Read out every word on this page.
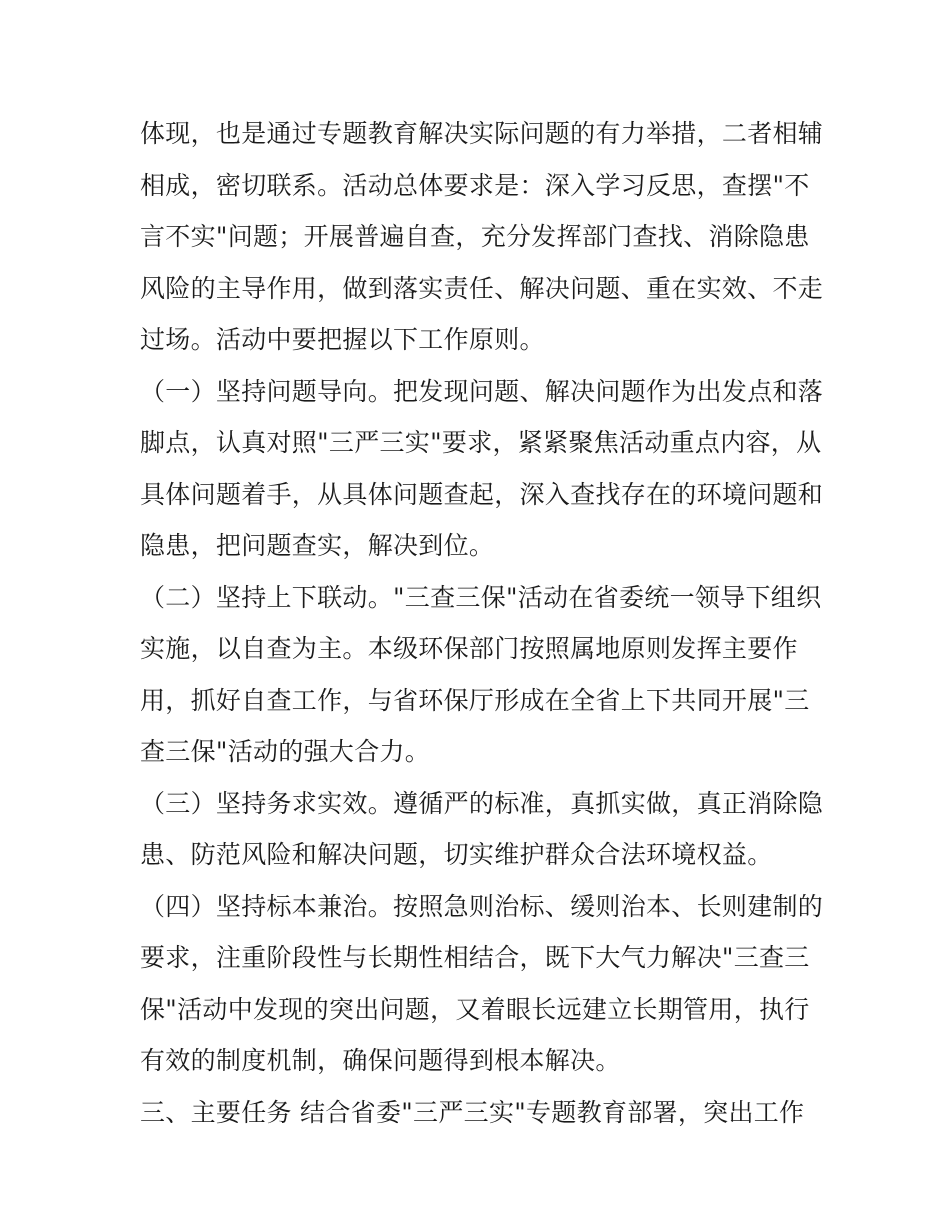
体现，也是通过专题教育解决实际问题的有力举措，二者相辅
相成，密切联系。活动总体要求是：深入学习反思，查摆"不
言不实"问题；开展普遍自查，充分发挥部门查找、消除隐患
风险的主导作用，做到落实责任、解决问题、重在实效、不走
过场。活动中要把握以下工作原则。
（一）坚持问题导向。把发现问题、解决问题作为出发点和落
脚点，认真对照"三严三实"要求，紧紧聚焦活动重点内容，从
具体问题着手，从具体问题查起，深入查找存在的环境问题和
隐患，把问题查实，解决到位。
（二）坚持上下联动。"三查三保"活动在省委统一领导下组织
实施，以自查为主。本级环保部门按照属地原则发挥主要作
用，抓好自查工作，与省环保厅形成在全省上下共同开展"三
查三保"活动的强大合力。
（三）坚持务求实效。遵循严的标准，真抓实做，真正消除隐
患、防范风险和解决问题，切实维护群众合法环境权益。
（四）坚持标本兼治。按照急则治标、缓则治本、长则建制的
要求，注重阶段性与长期性相结合，既下大气力解决"三查三
保"活动中发现的突出问题，又着眼长远建立长期管用，执行
有效的制度机制，确保问题得到根本解决。
三、主要任务 结合省委"三严三实"专题教育部署，突出工作
